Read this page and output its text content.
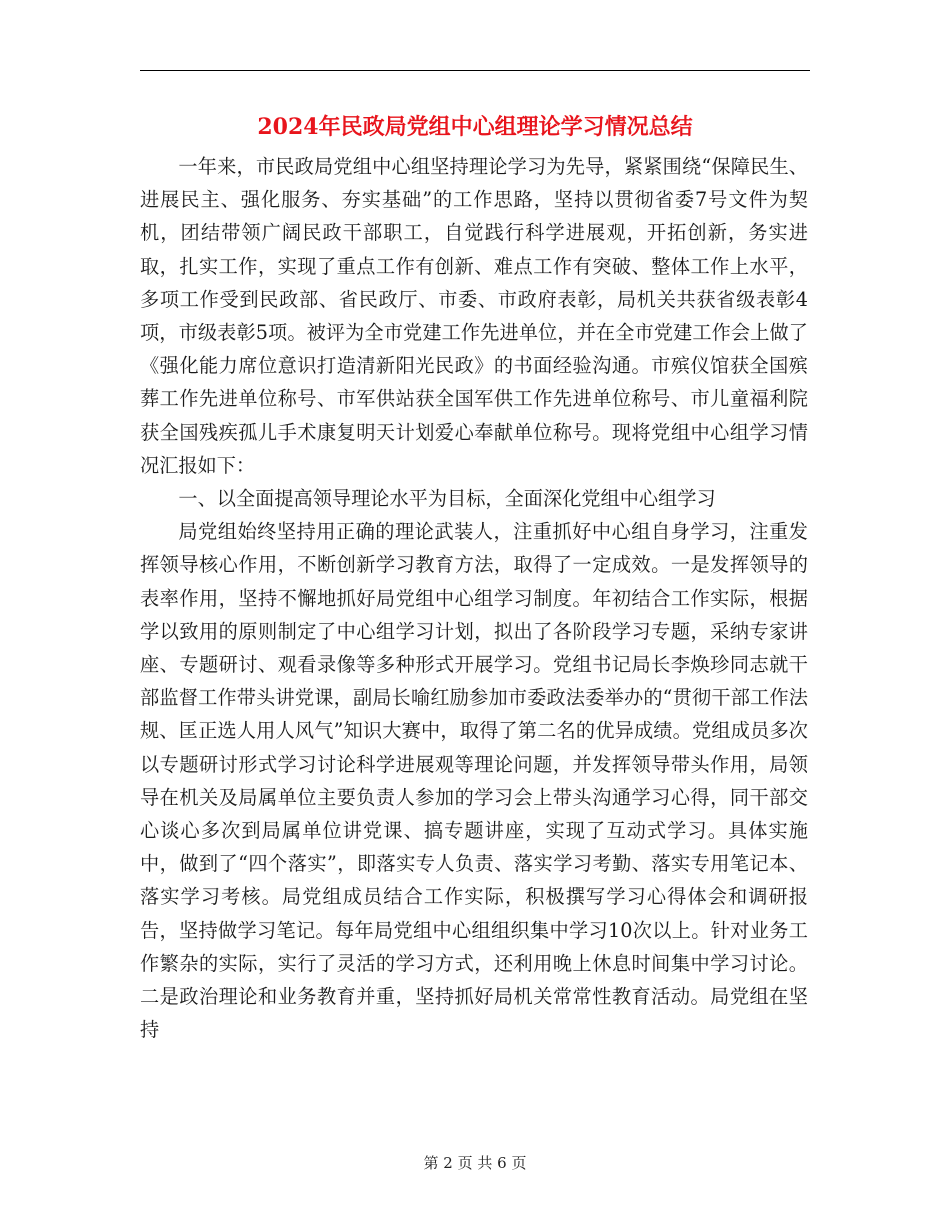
2024年民政局党组中心组理论学习情况总结

一年来，市民政局党组中心组坚持理论学习为先导，紧紧围绕“保障民生、进展民主、强化服务、夯实基础”的工作思路，坚持以贯彻省委7号文件为契机，团结带领广阔民政干部职工，自觉践行科学进展观，开拓创新，务实进取，扎实工作，实现了重点工作有创新、难点工作有突破、整体工作上水平，多项工作受到民政部、省民政厅、市委、市政府表彰，局机关共获省级表彰4项，市级表彰5项。被评为全市党建工作先进单位，并在全市党建工作会上做了《强化能力席位意识打造清新阳光民政》的书面经验沟通。市殡仪馆获全国殡葬工作先进单位称号、市军供站获全国军供工作先进单位称号、市儿童福利院获全国残疾孤儿手术康复明天计划爱心奉献单位称号。现将党组中心组学习情况汇报如下：

一、以全面提高领导理论水平为目标，全面深化党组中心组学习

局党组始终坚持用正确的理论武装人，注重抓好中心组自身学习，注重发挥领导核心作用，不断创新学习教育方法，取得了一定成效。一是发挥领导的表率作用，坚持不懈地抓好局党组中心组学习制度。年初结合工作实际，根据学以致用的原则制定了中心组学习计划，拟出了各阶段学习专题，采纳专家讲座、专题研讨、观看录像等多种形式开展学习。党组书记局长李焕珍同志就干部监督工作带头讲党课，副局长喻红励参加市委政法委举办的“贯彻干部工作法规、匡正选人用人风气”知识大赛中，取得了第二名的优异成绩。党组成员多次以专题研讨形式学习讨论科学进展观等理论问题，并发挥领导带头作用，局领导在机关及局属单位主要负责人参加的学习会上带头沟通学习心得，同干部交心谈心多次到局属单位讲党课、搞专题讲座，实现了互动式学习。具体实施中，做到了“四个落实”，即落实专人负责、落实学习考勤、落实专用笔记本、落实学习考核。局党组成员结合工作实际，积极撰写学习心得体会和调研报告，坚持做学习笔记。每年局党组中心组组织集中学习10次以上。针对业务工作繁杂的实际，实行了灵活的学习方式，还利用晚上休息时间集中学习讨论。二是政治理论和业务教育并重，坚持抓好局机关常常性教育活动。局党组在坚持

第 2 页 共 6 页
